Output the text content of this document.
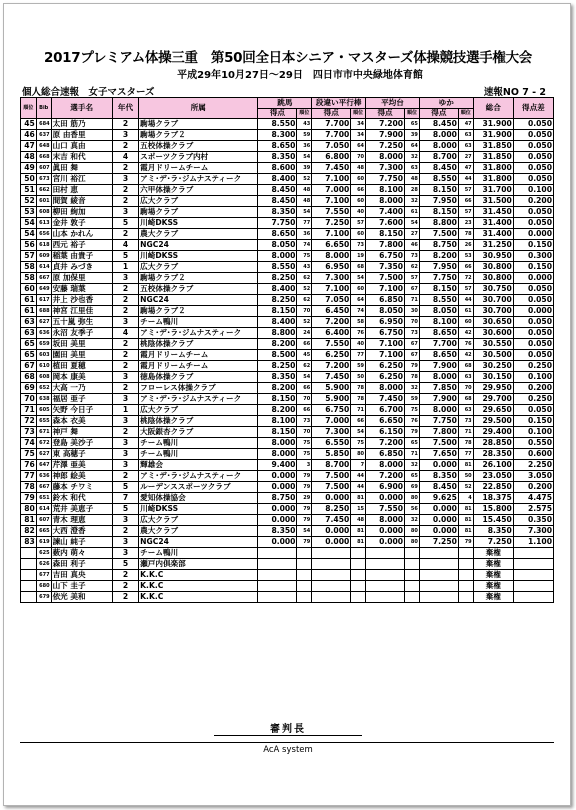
2017プレミアム体操三重　第50回全日本シニア・マスターズ体操競技選手権大会
平成29年10月27日～29日　四日市市中央緑地体育館
個人総合速報　女子マスターズ	速報NO 7 - 2
順位	Bib	選手名	年代	所属	跳馬		段違い平行棒		平均台		ゆか		総合	得点差
					得点	順位	得点	順位	得点	順位	得点	順位		
45	684	太田 筋乃	2	駒場クラブ	8.550	43	7.700	34	7.200	65	8.450	47	31.900	0.050
46	637	原 由香里	3	駒場クラブ２	8.300	59	7.700	34	7.900	39	8.000	63	31.900	0.050
47	648	山口 真由	2	五校体操クラブ	8.650	36	7.050	64	7.250	64	8.000	63	31.850	0.050
48	668	末吉 和代	4	スポーツクラブ内村	8.350	54	6.800	70	8.000	32	8.700	27	31.850	0.050
49	607	眞田 舞	2	霞月ドリームチーム	8.600	39	7.450	48	7.300	63	8.450	47	31.800	0.050
50	673	宮川 裕江	3	アミ･デ･ラ･ジムナスティーク	8.400	52	7.100	60	7.750	48	8.550	44	31.800	0.050
51	662	田村 恵	2	六甲体操クラブ	8.450	48	7.000	66	8.100	28	8.150	57	31.700	0.100
52	601	間賀 綾音	2	広大クラブ	8.450	48	7.100	60	8.000	32	7.950	66	31.500	0.200
53	608	柳田 絢加	3	駒場クラブ	8.350	54	7.550	40	7.400	61	8.150	57	31.450	0.050
54	613	金井 敦子	5	川崎DKSS	7.750	77	7.250	57	7.600	54	8.800	23	31.400	0.050
54	656	山本 かれん	2	農大クラブ	8.650	36	7.100	60	8.150	27	7.500	78	31.400	0.000
56	618	西元 裕子	4	NGC24	8.050	74	6.650	73	7.800	46	8.750	26	31.250	0.150
57	609	稲葉 由貴子	5	川崎DKSS	8.000	75	8.000	19	6.750	73	8.200	53	30.950	0.300
58	614	貞井 みづき	1	広大クラブ	8.550	43	6.950	68	7.350	62	7.950	66	30.800	0.150
58	667	原 加保里	3	駒場クラブ２	8.250	62	7.300	54	7.500	57	7.750	72	30.800	0.000
60	649	安藤 瑞葉	2	五校体操クラブ	8.400	52	7.100	60	7.100	67	8.150	57	30.750	0.050
61	617	井上 沙也香	2	NGC24	8.250	62	7.050	64	6.850	71	8.550	44	30.700	0.050
61	688	神宮 江里佳	2	駒場クラブ２	8.150	70	6.450	74	8.050	30	8.050	61	30.700	0.000
63	627	五十嵐 弥生	3	チーム鴨川	8.400	52	7.200	58	6.950	70	8.100	60	30.650	0.050
63	636	永沼 友季子	4	アミ･デ･ラ･ジムナスティーク	8.800	24	6.400	76	6.750	73	8.650	42	30.600	0.050
65	659	坂田 美里	2	桃陰体操クラブ	8.200	66	7.550	40	7.100	67	7.700	76	30.550	0.050
65	603	園田 美里	2	霞月ドリームチーム	8.500	45	6.250	77	7.100	67	8.650	42	30.500	0.050
67	610	植田 夏穂	2	霞月ドリームチーム	8.250	62	7.200	59	6.250	79	7.900	68	30.250	0.250
68	608	岡本 康美	3	徳島体操クラブ	8.350	54	7.450	50	6.250	78	8.000	63	30.150	0.100
69	652	大高 一乃	2	フローレス体操クラブ	8.200	66	5.900	78	8.000	32	7.850	70	29.950	0.200
70	638	福居 亜子	3	アミ･デ･ラ･ジムナスティーク	8.150	70	5.900	78	7.450	59	7.900	68	29.700	0.250
71	605	矢野 今日子	1	広大クラブ	8.200	66	6.750	71	6.700	75	8.000	63	29.650	0.050
72	655	森本 衣美	3	桃陰体操クラブ	8.100	73	7.000	66	6.650	76	7.750	73	29.500	0.150
73	671	神戸 舞	2	大阪銀杏クラブ	8.150	70	7.300	54	6.150	79	7.800	71	29.400	0.100
74	672	登島 美沙子	3	チーム鴨川	8.000	75	6.550	75	7.200	65	7.500	78	28.850	0.550
75	627	東 高穂子	3	チーム鴨川	8.000	75	5.850	80	6.850	71	7.650	77	28.350	0.600
76	647	芹澤 亜美	3	輝雄会	9.400	3	8.700	7	8.000	32	0.000	81	26.100	2.250
77	636	神郎 絵美	2	アミ･デ･ラ･ジムナスティーク	0.000	79	7.500	44	7.200	65	8.350	50	23.050	3.050
78	667	藤本 チワミ	5	ルーデンススポーツクラブ	0.000	79	7.500	44	6.900	69	8.450	52	22.850	0.200
79	651	鈴木 和代	7	愛知体操協会	8.750	29	0.000	81	0.000	80	9.625	4	18.375	4.475
80	614	荒井 美恵子	5	川崎DKSS	0.000	79	8.250	15	7.550	56	0.000	81	15.800	2.575
81	607	青木 理恵	3	広大クラブ	0.000	79	7.450	48	8.000	32	0.000	81	15.450	0.350
82	665	大西 澄香	2	農大クラブ	8.350	54	0.000	81	0.000	80	0.000	81	8.350	7.300
83	619	諫山 純子	3	NGC24	0.000	79	0.000	81	0.000	80	7.250	79	7.250	1.100
	625	薮内 萌々	3	チーム鴨川									棄権	
	626	森田 利子	5	瀬戸内倶楽部									棄権	
	677	吉田 真央	2	K.K.C									棄権	
	680	山下 圭子	2	K.K.C									棄権	
	679	依光 美和	2	K.K.C									棄権	
審判長
AcA system
